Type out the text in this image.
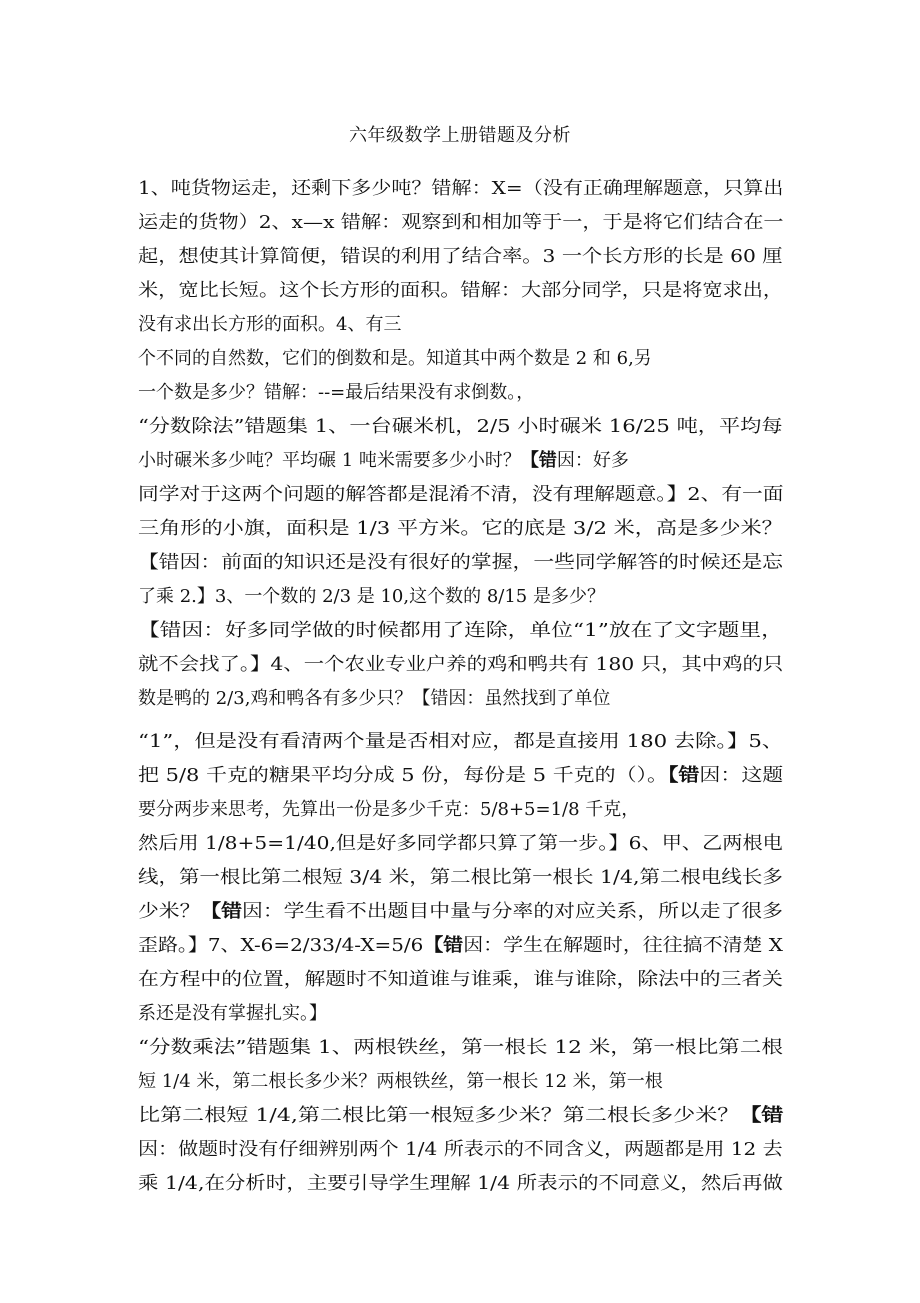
六年级数学上册错题及分析
1、吨货物运走，还剩下多少吨？错解：X=（没有正确理解题意，只算出
运走的货物）2、x—x 错解：观察到和相加等于一，于是将它们结合在一
起，想使其计算简便，错误的利用了结合率。3 一个长方形的长是 60 厘
米，宽比长短。这个长方形的面积。错解：大部分同学，只是将宽求出，
没有求出长方形的面积。4、有三
个不同的自然数，它们的倒数和是。知道其中两个数是 2 和 6,另
一个数是多少？错解：--=最后结果没有求倒数。，
“分数除法”错题集 1、一台碾米机，2/5 小时碾米 16/25 吨，平均每
小时碾米多少吨？平均碾 1 吨米需要多少小时？【错因：好多
同学对于这两个问题的解答都是混淆不清，没有理解题意。】2、有一面
三角形的小旗，面积是 1/3 平方米。它的底是 3/2 米，高是多少米？
【错因：前面的知识还是没有很好的掌握，一些同学解答的时候还是忘
了乘 2.】3、一个数的 2/3 是 10,这个数的 8/15 是多少？
【错因：好多同学做的时候都用了连除，单位“1”放在了文字题里，
就不会找了。】4、一个农业专业户养的鸡和鸭共有 180 只，其中鸡的只
数是鸭的 2/3,鸡和鸭各有多少只？【错因：虽然找到了单位
“1”，但是没有看清两个量是否相对应，都是直接用 180 去除。】5、
把 5/8 千克的糖果平均分成 5 份，每份是 5 千克的（）。【错因：这题
要分两步来思考，先算出一份是多少千克：5/8+5=1/8 千克，
然后用 1/8+5=1/40,但是好多同学都只算了第一步。】6、甲、乙两根电
线，第一根比第二根短 3/4 米，第二根比第一根长 1/4,第二根电线长多
少米？【错因：学生看不出题目中量与分率的对应关系，所以走了很多
歪路。】7、X-6=2/33/4-X=5/6【错因：学生在解题时，往往搞不清楚 X
在方程中的位置，解题时不知道谁与谁乘，谁与谁除，除法中的三者关
系还是没有掌握扎实。】
“分数乘法”错题集 1、两根铁丝，第一根长 12 米，第一根比第二根
短 1/4 米，第二根长多少米？两根铁丝，第一根长 12 米，第一根
比第二根短 1/4,第二根比第一根短多少米？第二根长多少米？【错
因：做题时没有仔细辨别两个 1/4 所表示的不同含义，两题都是用 12 去
乘 1/4,在分析时，主要引导学生理解 1/4 所表示的不同意义，然后再做
